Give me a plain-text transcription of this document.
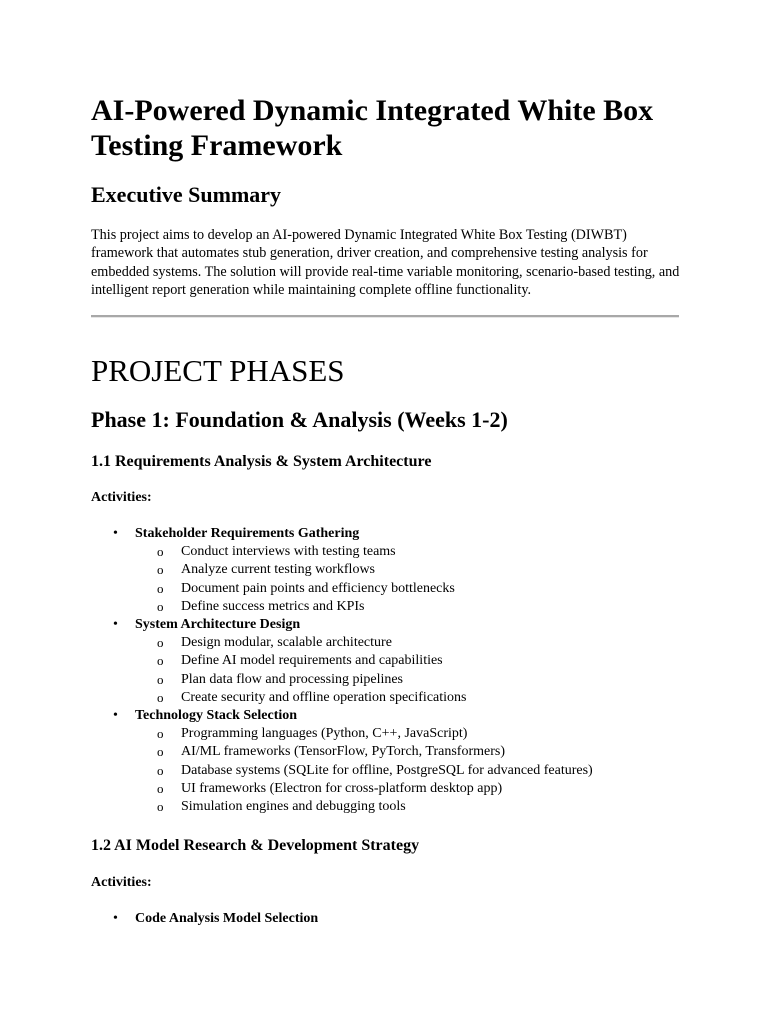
AI-Powered Dynamic Integrated White Box Testing Framework
Executive Summary

This project aims to develop an AI-powered Dynamic Integrated White Box Testing (DIWBT) framework that automates stub generation, driver creation, and comprehensive testing analysis for embedded systems. The solution will provide real-time variable monitoring, scenario-based testing, and intelligent report generation while maintaining complete offline functionality.

PROJECT PHASES
Phase 1: Foundation & Analysis (Weeks 1-2)
1.1 Requirements Analysis & System Architecture

Activities:

• Stakeholder Requirements Gathering
o Conduct interviews with testing teams
o Analyze current testing workflows
o Document pain points and efficiency bottlenecks
o Define success metrics and KPIs
• System Architecture Design
o Design modular, scalable architecture
o Define AI model requirements and capabilities
o Plan data flow and processing pipelines
o Create security and offline operation specifications
• Technology Stack Selection
o Programming languages (Python, C++, JavaScript)
o AI/ML frameworks (TensorFlow, PyTorch, Transformers)
o Database systems (SQLite for offline, PostgreSQL for advanced features)
o UI frameworks (Electron for cross-platform desktop app)
o Simulation engines and debugging tools
1.2 AI Model Research & Development Strategy

Activities:

• Code Analysis Model Selection
